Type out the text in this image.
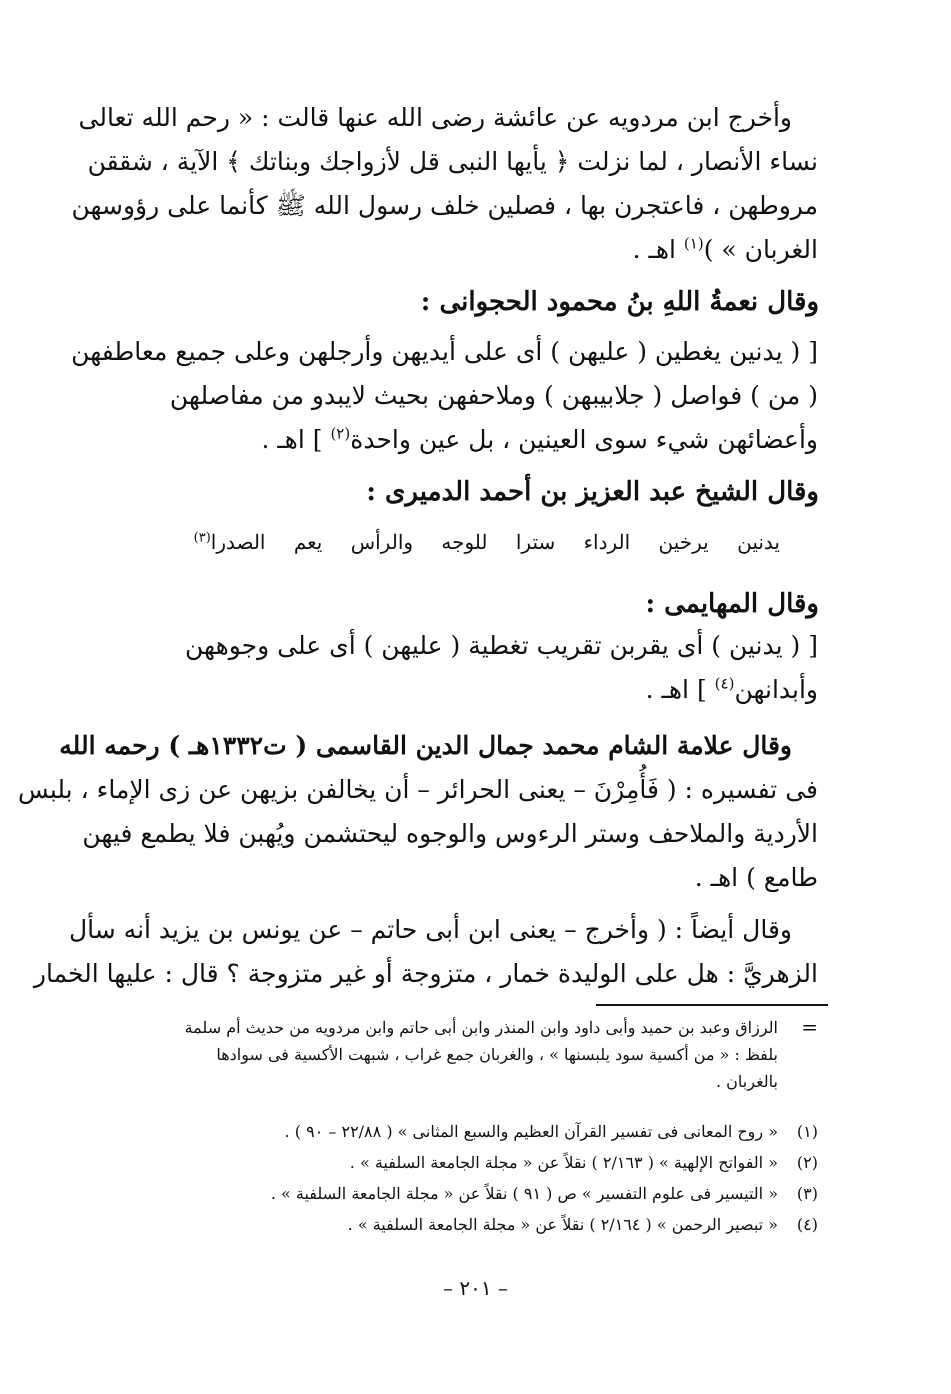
وأخرج ابن مردويه عن عائشة رضى الله عنها قالت : « رحم الله تعالى
نساء الأنصار ، لما نزلت ﴿ يأيها النبى قل لأزواجك وبناتك ﴾ الآية ، شققن
مروطهن ، فاعتجرن بها ، فصلين خلف رسول الله ﷺ كأنما على رؤوسهن
الغربان » )$^{(١)}$ اهـ .
وقال نعمةُ اللهِ بنُ محمود الحجوانى :
[ ( يدنين يغطين ( عليهن ) أى على أيديهن وأرجلهن وعلى جميع معاطفهن
( من ) فواصل ( جلابيبهن ) وملاحفهن بحيث لايبدو من مفاصلهن
وأعضائهن شيء سوى العينين ، بل عين واحدة$^{(٢)}$ ] اهـ .
وقال الشيخ عبد العزيز بن أحمد الدميرى :
يدنين يرخين الرداء سترا للوجه والرأس يعم الصدرا$^{(٣)}$
وقال المهايمى :
[ ( يدنين ) أى يقربن تقريب تغطية ( عليهن ) أى على وجوههن
وأبدانهن$^{(٤)}$ ] اهـ .
وقال علامة الشام محمد جمال الدين القاسمى ( ت١٣٣٢هـ ) رحمه الله
فى تفسيره : ( فَأُمِرْنَ – يعنى الحرائر – أن يخالفن بزيهن عن زى الإماء ، بلبس
الأردية والملاحف وستر الرءوس والوجوه ليحتشمن ويُهبن فلا يطمع فيهن
طامع ) اهـ .
وقال أيضاً : ( وأخرج – يعنى ابن أبى حاتم – عن يونس بن يزيد أنه سأل
الزهريَّ : هل على الوليدة خمار ، متزوجة أو غير متزوجة ؟ قال : عليها الخمار
=
الرزاق وعبد بن حميد وأبى داود وابن المنذر وابن أبى حاتم وابن مردويه من حديث أم سلمة
بلفظ : « من أكسية سود يلبسنها » ، والغربان جمع غراب ، شبهت الأكسية فى سوادها
بالغربان .
(١)« روح المعانى فى تفسير القرآن العظيم والسبع المثانى » ( ٢٢/٨٨ – ٩٠ ) .
(٢)« الفواتح الإلهية » ( ٢/١٦٣ ) نقلاً عن « مجلة الجامعة السلفية » .
(٣)« التيسير فى علوم التفسير » ص ( ٩١ ) نقلاً عن « مجلة الجامعة السلفية » .
(٤)« تبصير الرحمن » ( ٢/١٦٤ ) نقلاً عن « مجلة الجامعة السلفية » .
– ٢٠١ –
